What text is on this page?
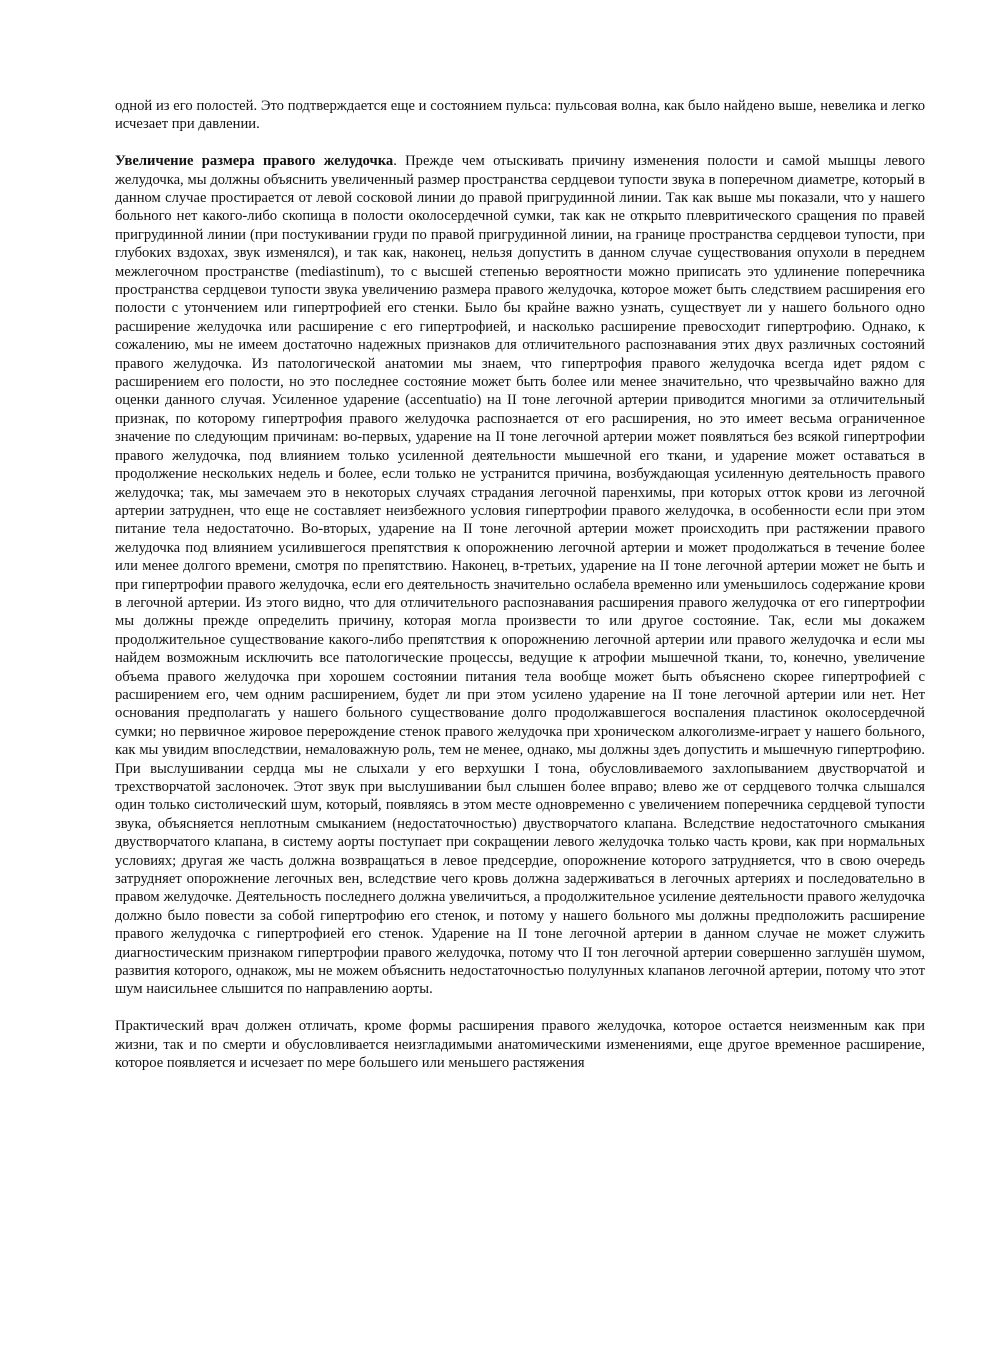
одной из его полостей. Это подтверждается еще и состоянием пульса: пульсовая волна, как было найдено выше, невелика и легко исчезает при давлении.

Увеличение размера правого желудочка. Прежде чем отыскивать причину изменения полости и самой мышцы левого желудочка, мы должны объяснить увеличенный размер пространства сердцевои тупости звука в поперечном диаметре, который в данном случае простирается от левой сосковой линии до правой пригрудинной линии. Так как выше мы показали, что у нашего больного нет какого-либо скопища в полости околосердечной сумки, так как не открыто плевритического сращения по правей пригрудинной линии (при постукивании груди по правой пригрудинной линии, на границе пространства сердцевои тупости, при глубоких вздохах, звук изменялся), и так как, наконец, нельзя допустить в данном случае существования опухоли в переднем межлегочном пространстве (mediastinum), то с высшей степенью вероятности можно приписать это удлинение поперечника пространства сердцевои тупости звука увеличению размера правого желудочка, которое может быть следствием расширения его полости с утончением или гипертрофией его стенки. Было бы крайне важно узнать, существует ли у нашего больного одно расширение желудочка или расширение с его гипертрофией, и насколько расширение превосходит гипертрофию. Однако, к сожалению, мы не имеем достаточно надежных признаков для отличительного распознавания этих двух различных состояний правого желудочка. Из патологической анатомии мы знаем, что гипертрофия правого желудочка всегда идет рядом с расширением его полости, но это последнее состояние может быть более или менее значительно, что чрезвычайно важно для оценки данного случая. Усиленное ударение (accentuatio) на II тоне легочной артерии приводится многими за отличительный признак, по которому гипертрофия правого желудочка распознается от его расширения, но это имеет весьма ограниченное значение по следующим причинам: во-первых, ударение на II тоне легочной артерии может появляться без всякой гипертрофии правого желудочка, под влиянием только усиленной деятельности мышечной его ткани, и ударение может оставаться в продолжение нескольких недель и более, если только не устранится причина, возбуждающая усиленную деятельность правого желудочка; так, мы замечаем это в некоторых случаях страдания легочной паренхимы, при которых отток крови из легочной артерии затруднен, что еще не составляет неизбежного условия гипертрофии правого желудочка, в особенности если при этом питание тела недостаточно. Во-вторых, ударение на II тоне легочной артерии может происходить при растяжении правого желудочка под влиянием усилившегося препятствия к опорожнению легочной артерии и может продолжаться в течение более или менее долгого времени, смотря по препятствию. Наконец, в-третьих, ударение на II тоне легочной артерии может не быть и при гипертрофии правого желудочка, если его деятельность значительно ослабела временно или уменьшилось содержание крови в легочной артерии. Из этого видно, что для отличительного распознавания расширения правого желудочка от его гипертрофии мы должны прежде определить причину, которая могла произвести то или другое состояние. Так, если мы докажем продолжительное существование какого-либо препятствия к опорожнению легочной артерии или правого желудочка и если мы найдем возможным исключить все патологические процессы, ведущие к атрофии мышечной ткани, то, конечно, увеличение объема правого желудочка при хорошем состоянии питания тела вообще может быть объяснено скорее гипертрофией с расширением его, чем одним расширением, будет ли при этом усилено ударение на II тоне легочной артерии или нет. Нет основания предполагать у нашего больного существование долго продолжавшегося воспаления пластинок околосердечной сумки; но первичное жировое перерождение стенок правого желудочка при хроническом алкоголизме-играет у нашего больного, как мы увидим впоследствии, немаловажную роль, тем не менее, однако, мы должны здеъ допустить и мышечную гипертрофию. При выслушивании сердца мы не слыхали у его верхушки I тона, обусловливаемого захлопыванием двустворчатой и трехстворчатой заслоночек. Этот звук при выслушивании был слышен более вправо; влево же от сердцевого толчка слышался один только систолический шум, который, появляясь в этом месте одновременно с увеличением поперечника сердцевой тупости звука, объясняется неплотным смыканием (недостаточностью) двустворчатого клапана. Вследствие недостаточного смыкания двустворчатого клапана, в систему аорты поступает при сокращении левого желудочка только часть крови, как при нормальных условиях; другая же часть должна возвращаться в левое предсердие, опорожнение которого затрудняется, что в свою очередь затрудняет опорожнение легочных вен, вследствие чего кровь должна задерживаться в легочных артериях и последовательно в правом желудочке. Деятельность последнего должна увеличиться, а продолжительное усиление деятельности правого желудочка должно было повести за собой гипертрофию его стенок, и потому у нашего больного мы должны предположить расширение правого желудочка с гипертрофией его стенок. Ударение на II тоне легочной артерии в данном случае не может служить диагностическим признаком гипертрофии правого желудочка, потому что II тон легочной артерии совершенно заглушён шумом, развития которого, однакож, мы не можем объяснить недостаточностью полулунных клапанов легочной артерии, потому что этот шум наисильнее слышится по направлению аорты.

Практический врач должен отличать, кроме формы расширения правого желудочка, которое остается неизменным как при жизни, так и по смерти и обусловливается неизгладимыми анатомическими изменениями, еще другое временное расширение, которое появляется и исчезает по мере большего или меньшего растяжения
